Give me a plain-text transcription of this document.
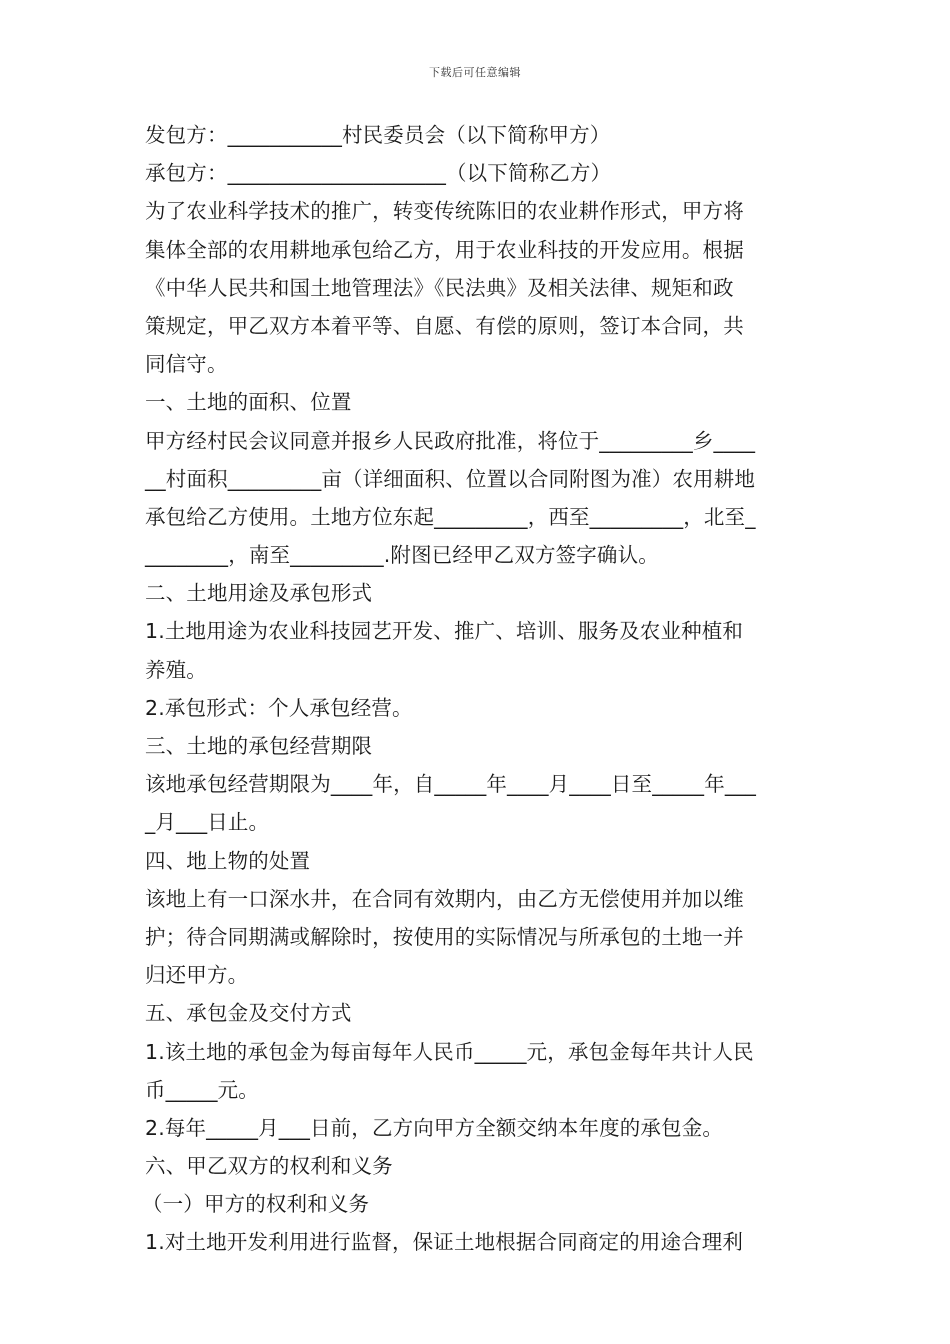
下载后可任意编辑
发包方：___________村民委员会（以下简称甲方）
承包方：_____________________（以下简称乙方）
为了农业科学技术的推广，转变传统陈旧的农业耕作形式，甲方将
集体全部的农用耕地承包给乙方，用于农业科技的开发应用。根据
《中华人民共和国土地管理法》《民法典》及相关法律、规矩和政
策规定，甲乙双方本着平等、自愿、有偿的原则，签订本合同，共
同信守。
一、土地的面积、位置
甲方经村民会议同意并报乡人民政府批准，将位于_________乡____
__村面积_________亩（详细面积、位置以合同附图为准）农用耕地
承包给乙方使用。土地方位东起_________，西至_________，北至_
________，南至_________.附图已经甲乙双方签字确认。
二、土地用途及承包形式
1.土地用途为农业科技园艺开发、推广、培训、服务及农业种植和
养殖。
2.承包形式：个人承包经营。
三、土地的承包经营期限
该地承包经营期限为____年，自_____年____月____日至_____年___
_月___日止。
四、地上物的处置
该地上有一口深水井，在合同有效期内，由乙方无偿使用并加以维
护；待合同期满或解除时，按使用的实际情况与所承包的土地一并
归还甲方。
五、承包金及交付方式
1.该土地的承包金为每亩每年人民币_____元，承包金每年共计人民
币_____元。
2.每年_____月___日前，乙方向甲方全额交纳本年度的承包金。
六、甲乙双方的权利和义务
（一）甲方的权利和义务
1.对土地开发利用进行监督，保证土地根据合同商定的用途合理利
